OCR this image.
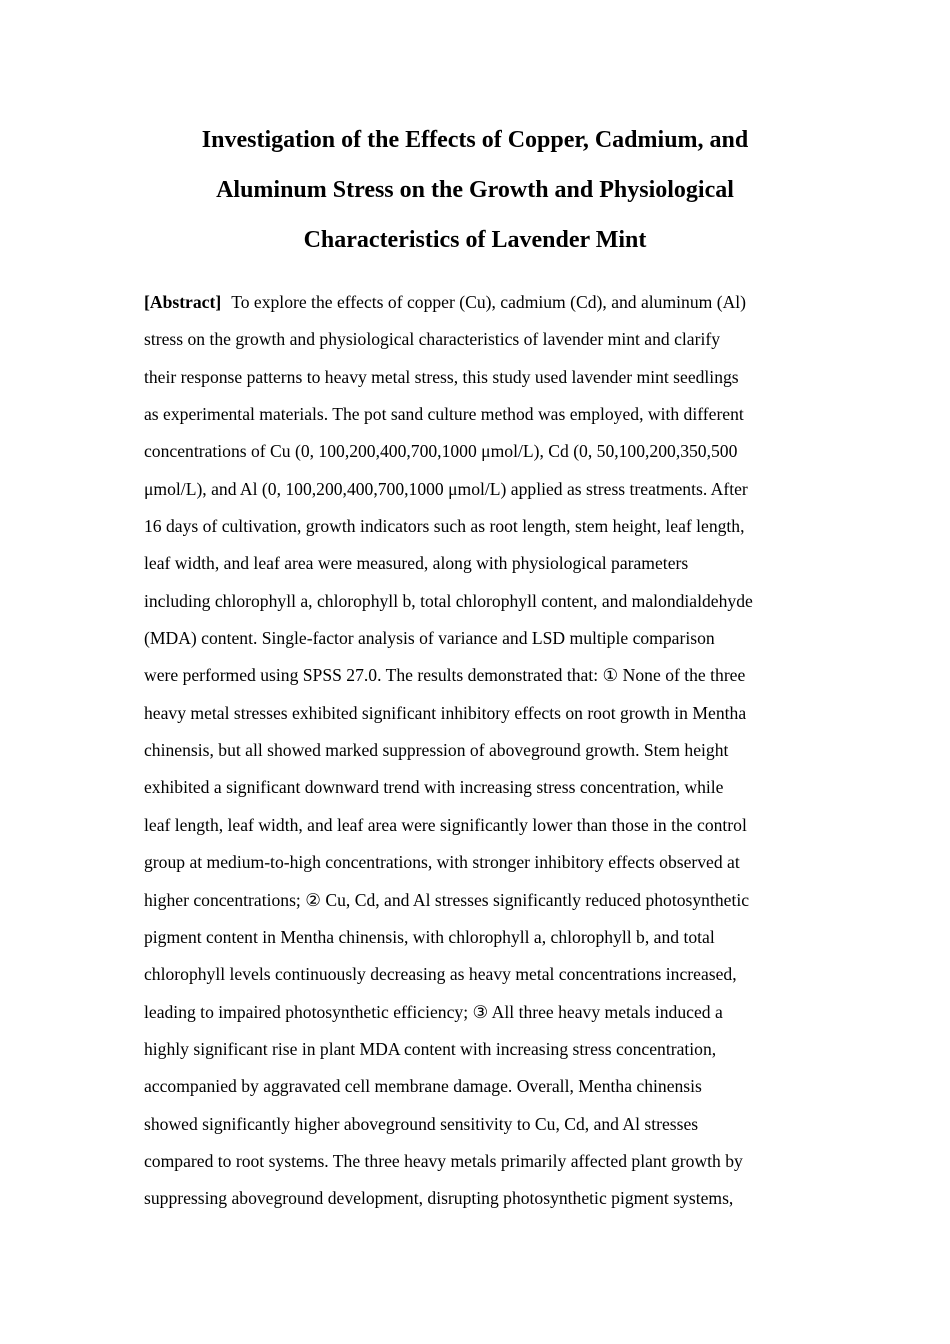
Investigation of the Effects of Copper, Cadmium, and
Aluminum Stress on the Growth and Physiological
Characteristics of Lavender Mint
[Abstract] To explore the effects of copper (Cu), cadmium (Cd), and aluminum (Al)
stress on the growth and physiological characteristics of lavender mint and clarify
their response patterns to heavy metal stress, this study used lavender mint seedlings
as experimental materials. The pot sand culture method was employed, with different
concentrations of Cu (0, 100,200,400,700,1000 μmol/L), Cd (0, 50,100,200,350,500
μmol/L), and Al (0, 100,200,400,700,1000 μmol/L) applied as stress treatments. After
16 days of cultivation, growth indicators such as root length, stem height, leaf length,
leaf width, and leaf area were measured, along with physiological parameters
including chlorophyll a, chlorophyll b, total chlorophyll content, and malondialdehyde
(MDA) content. Single-factor analysis of variance and LSD multiple comparison
were performed using SPSS 27.0. The results demonstrated that: ① None of the three
heavy metal stresses exhibited significant inhibitory effects on root growth in Mentha
chinensis, but all showed marked suppression of aboveground growth. Stem height
exhibited a significant downward trend with increasing stress concentration, while
leaf length, leaf width, and leaf area were significantly lower than those in the control
group at medium-to-high concentrations, with stronger inhibitory effects observed at
higher concentrations; ② Cu, Cd, and Al stresses significantly reduced photosynthetic
pigment content in Mentha chinensis, with chlorophyll a, chlorophyll b, and total
chlorophyll levels continuously decreasing as heavy metal concentrations increased,
leading to impaired photosynthetic efficiency; ③ All three heavy metals induced a
highly significant rise in plant MDA content with increasing stress concentration,
accompanied by aggravated cell membrane damage. Overall, Mentha chinensis
showed significantly higher aboveground sensitivity to Cu, Cd, and Al stresses
compared to root systems. The three heavy metals primarily affected plant growth by
suppressing aboveground development, disrupting photosynthetic pigment systems,
